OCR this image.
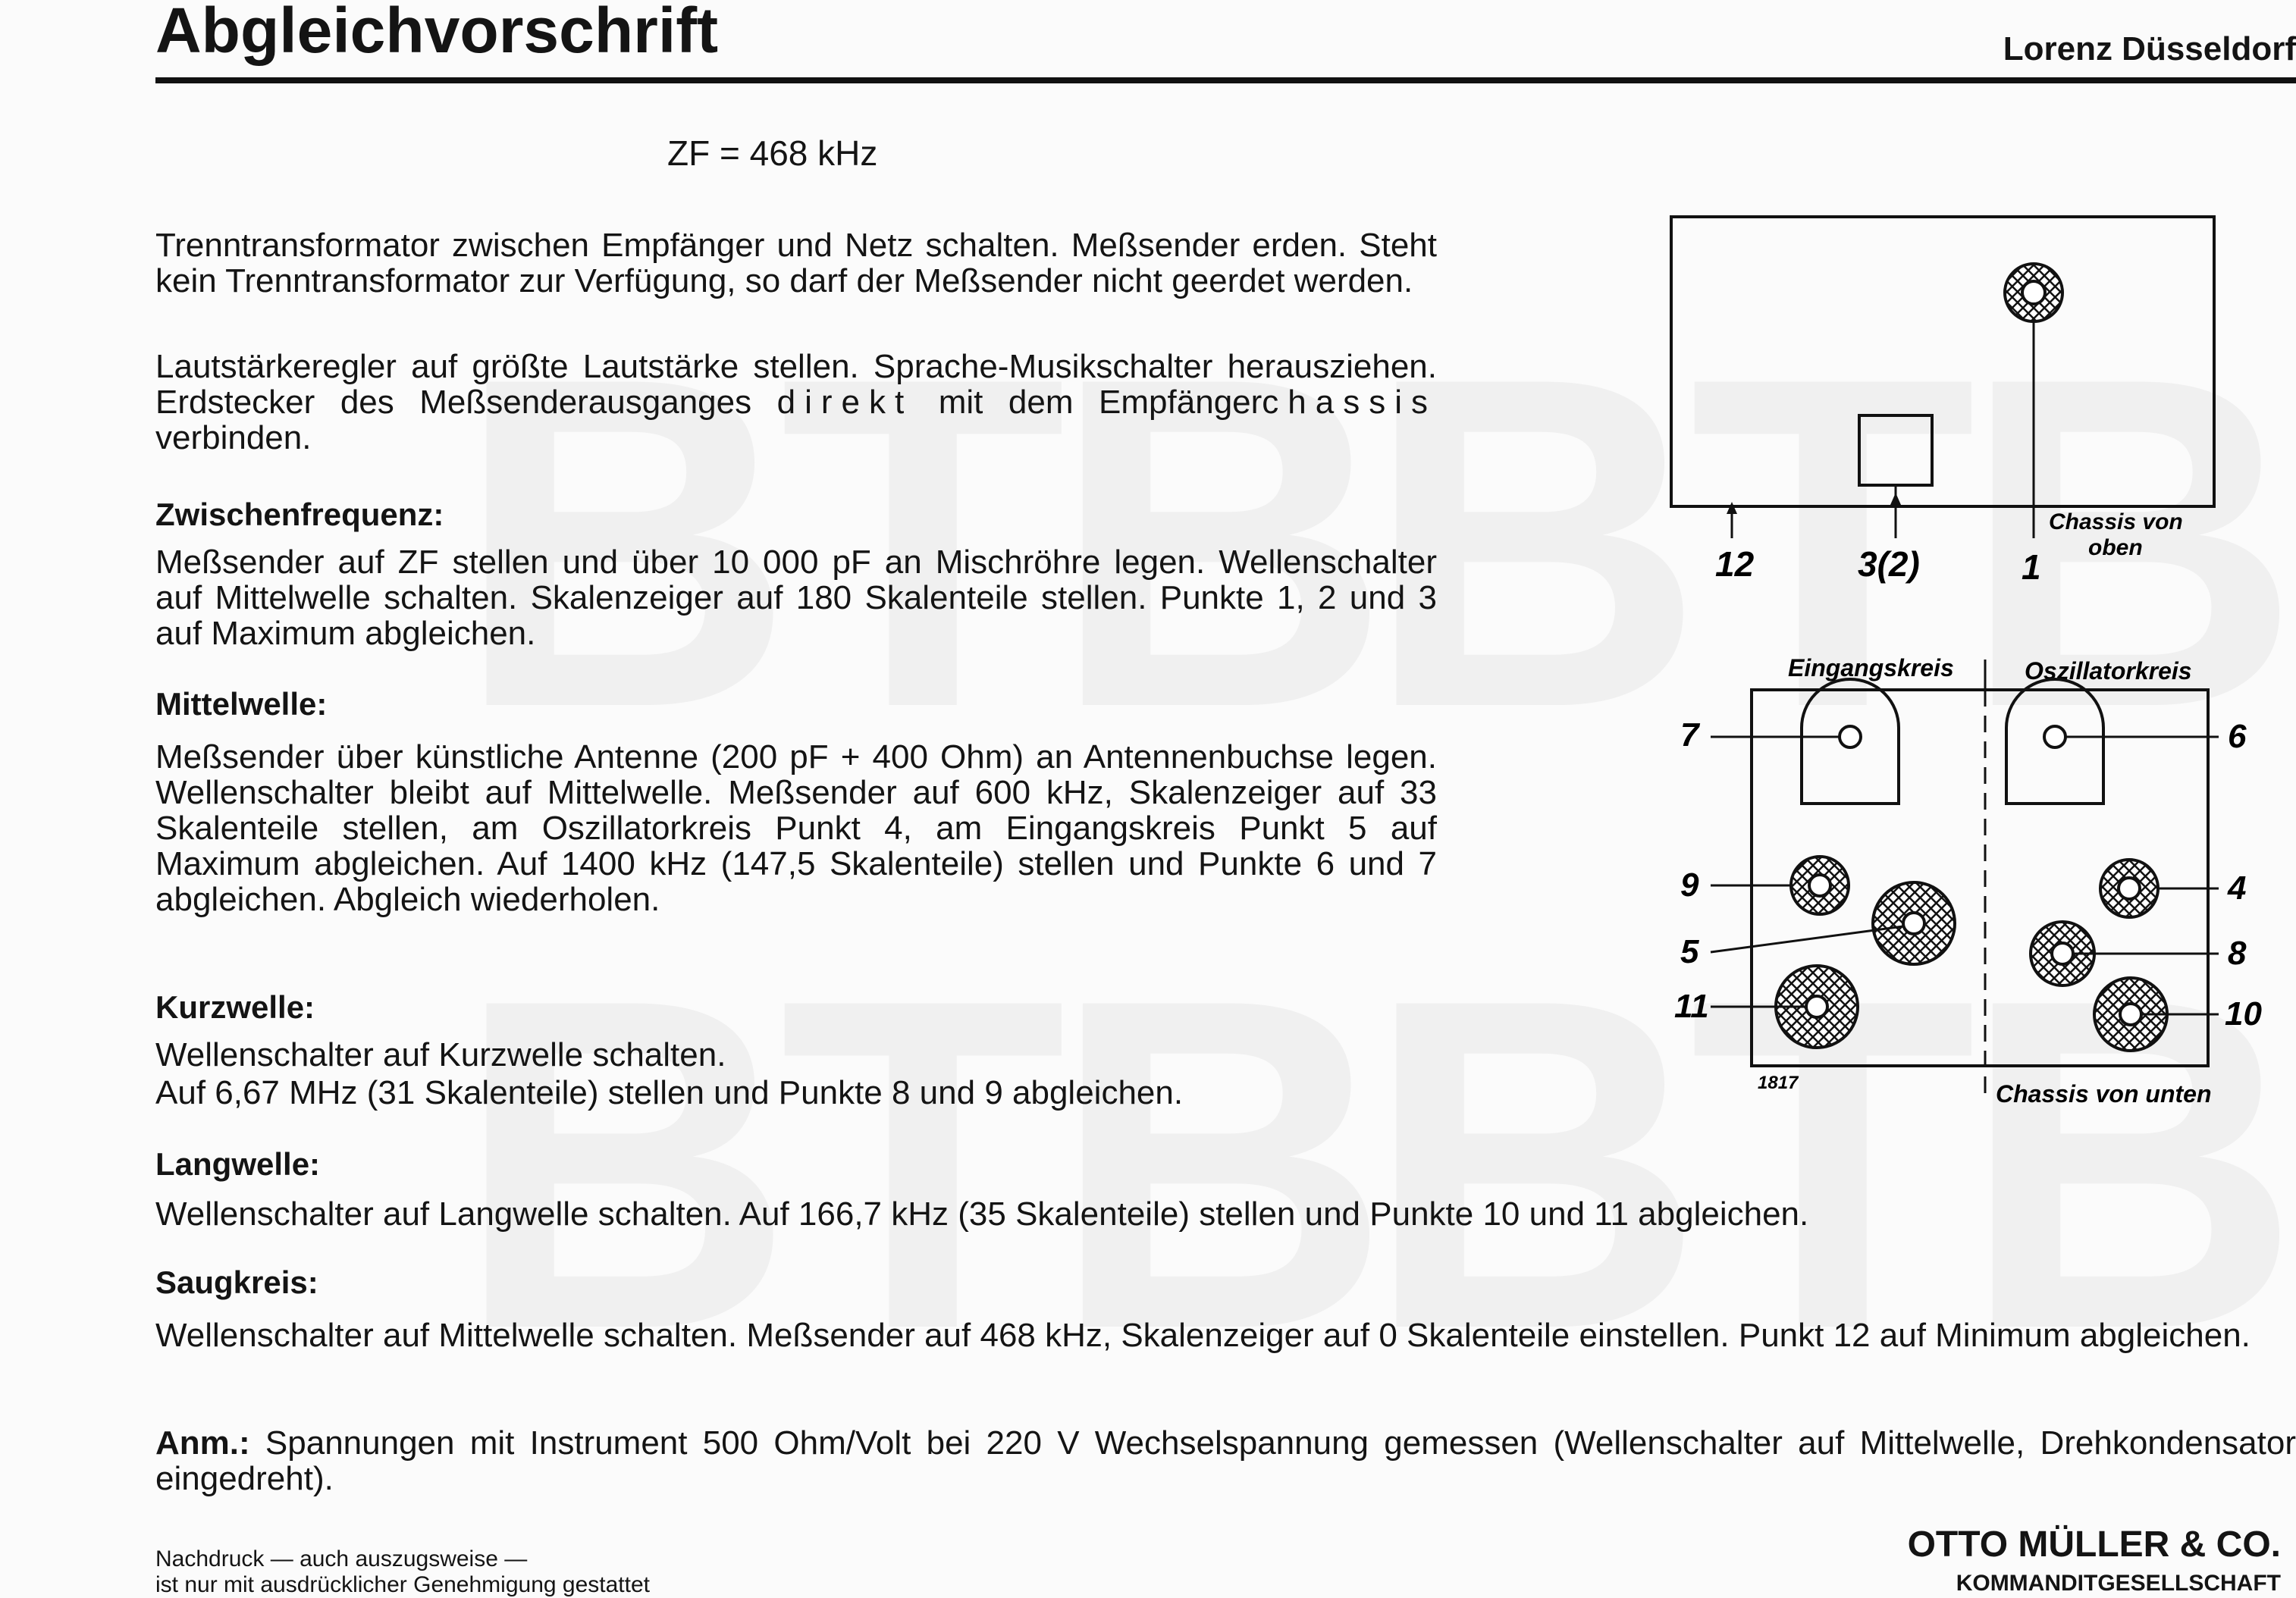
Abgleichvorschrift	Lorenz Düsseldorf
ZF = 468 kHz
Trenntransformator zwischen Empfänger und Netz schalten. Meßsender erden. Steht kein Trenntransformator zur Verfügung, so darf der Meßsender nicht geerdet werden.
Lautstärkeregler auf größte Lautstärke stellen. Sprache-Musikschalter herausziehen. Erdstecker des Meßsenderausganges direkt mit dem Empfängerchassis verbinden.
Zwischenfrequenz:
Meßsender auf ZF stellen und über 10 000 pF an Mischröhre legen. Wellenschalter auf Mittelwelle schalten. Skalenzeiger auf 180 Skalenteile stellen. Punkte 1, 2 und 3 auf Maximum abgleichen.
Mittelwelle:
Meßsender über künstliche Antenne (200 pF + 400 Ohm) an Antennenbuchse legen. Wellenschalter bleibt auf Mittelwelle. Meßsender auf 600 kHz, Skalenzeiger auf 33 Skalenteile stellen, am Oszillatorkreis Punkt 4, am Eingangskreis Punkt 5 auf Maximum abgleichen. Auf 1400 kHz (147,5 Skalenteile) stellen und Punkte 6 und 7 abgleichen. Abgleich wiederholen.
Kurzwelle:
Wellenschalter auf Kurzwelle schalten.
Auf 6,67 MHz (31 Skalenteile) stellen und Punkte 8 und 9 abgleichen.
Langwelle:
Wellenschalter auf Langwelle schalten. Auf 166,7 kHz (35 Skalenteile) stellen und Punkte 10 und 11 abgleichen.
Saugkreis:
Wellenschalter auf Mittelwelle schalten. Meßsender auf 468 kHz, Skalenzeiger auf 0 Skalenteile einstellen. Punkt 12 auf Minimum abgleichen.
Anm.: Spannungen mit Instrument 500 Ohm/Volt bei 220 V Wechselspannung gemessen (Wellenschalter auf Mittelwelle, Drehkondensator eingedreht).
Nachdruck — auch auszugsweise —
ist nur mit ausdrücklicher Genehmigung gestattet
OTTO MÜLLER & CO.
KOMMANDITGESELLSCHAFT
12	3(2)	1
Chassis von
oben
Eingangskreis	Oszillatorkreis
7	6
9	4
5	8
11	10
1817	Chassis von unten
